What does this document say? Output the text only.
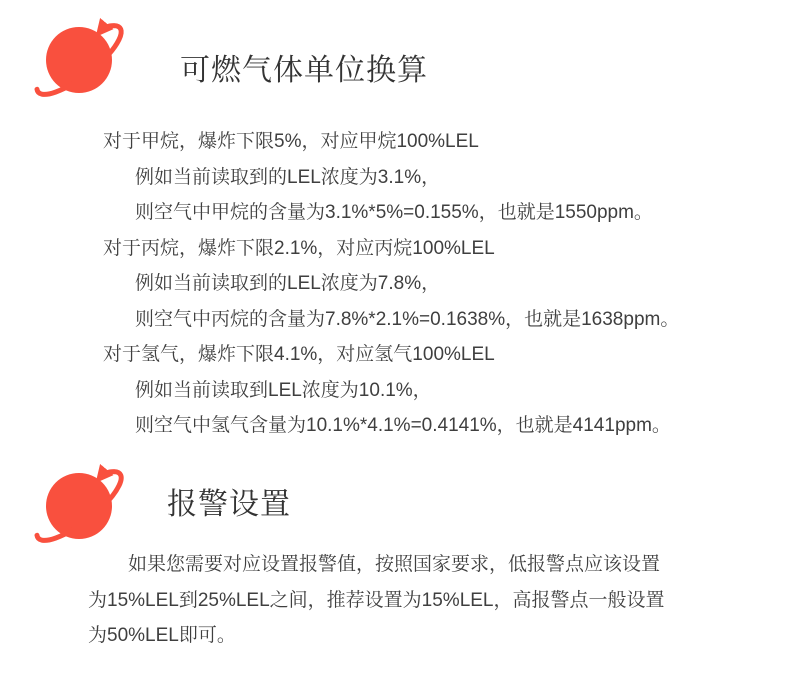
可燃气体单位换算
对于甲烷，爆炸下限5%，对应甲烷100%LEL
例如当前读取到的LEL浓度为3.1%，
则空气中甲烷的含量为3.1%*5%=0.155%，也就是1550ppm。
对于丙烷，爆炸下限2.1%，对应丙烷100%LEL
例如当前读取到的LEL浓度为7.8%，
则空气中丙烷的含量为7.8%*2.1%=0.1638%，也就是1638ppm。
对于氢气，爆炸下限4.1%，对应氢气100%LEL
例如当前读取到LEL浓度为10.1%，
则空气中氢气含量为10.1%*4.1%=0.4141%，也就是4141ppm。
报警设置

如果您需要对应设置报警值，按照国家要求，低报警点应该设置为15%LEL到25%LEL之间，推荐设置为15%LEL，高报警点一般设置为50%LEL即可。
